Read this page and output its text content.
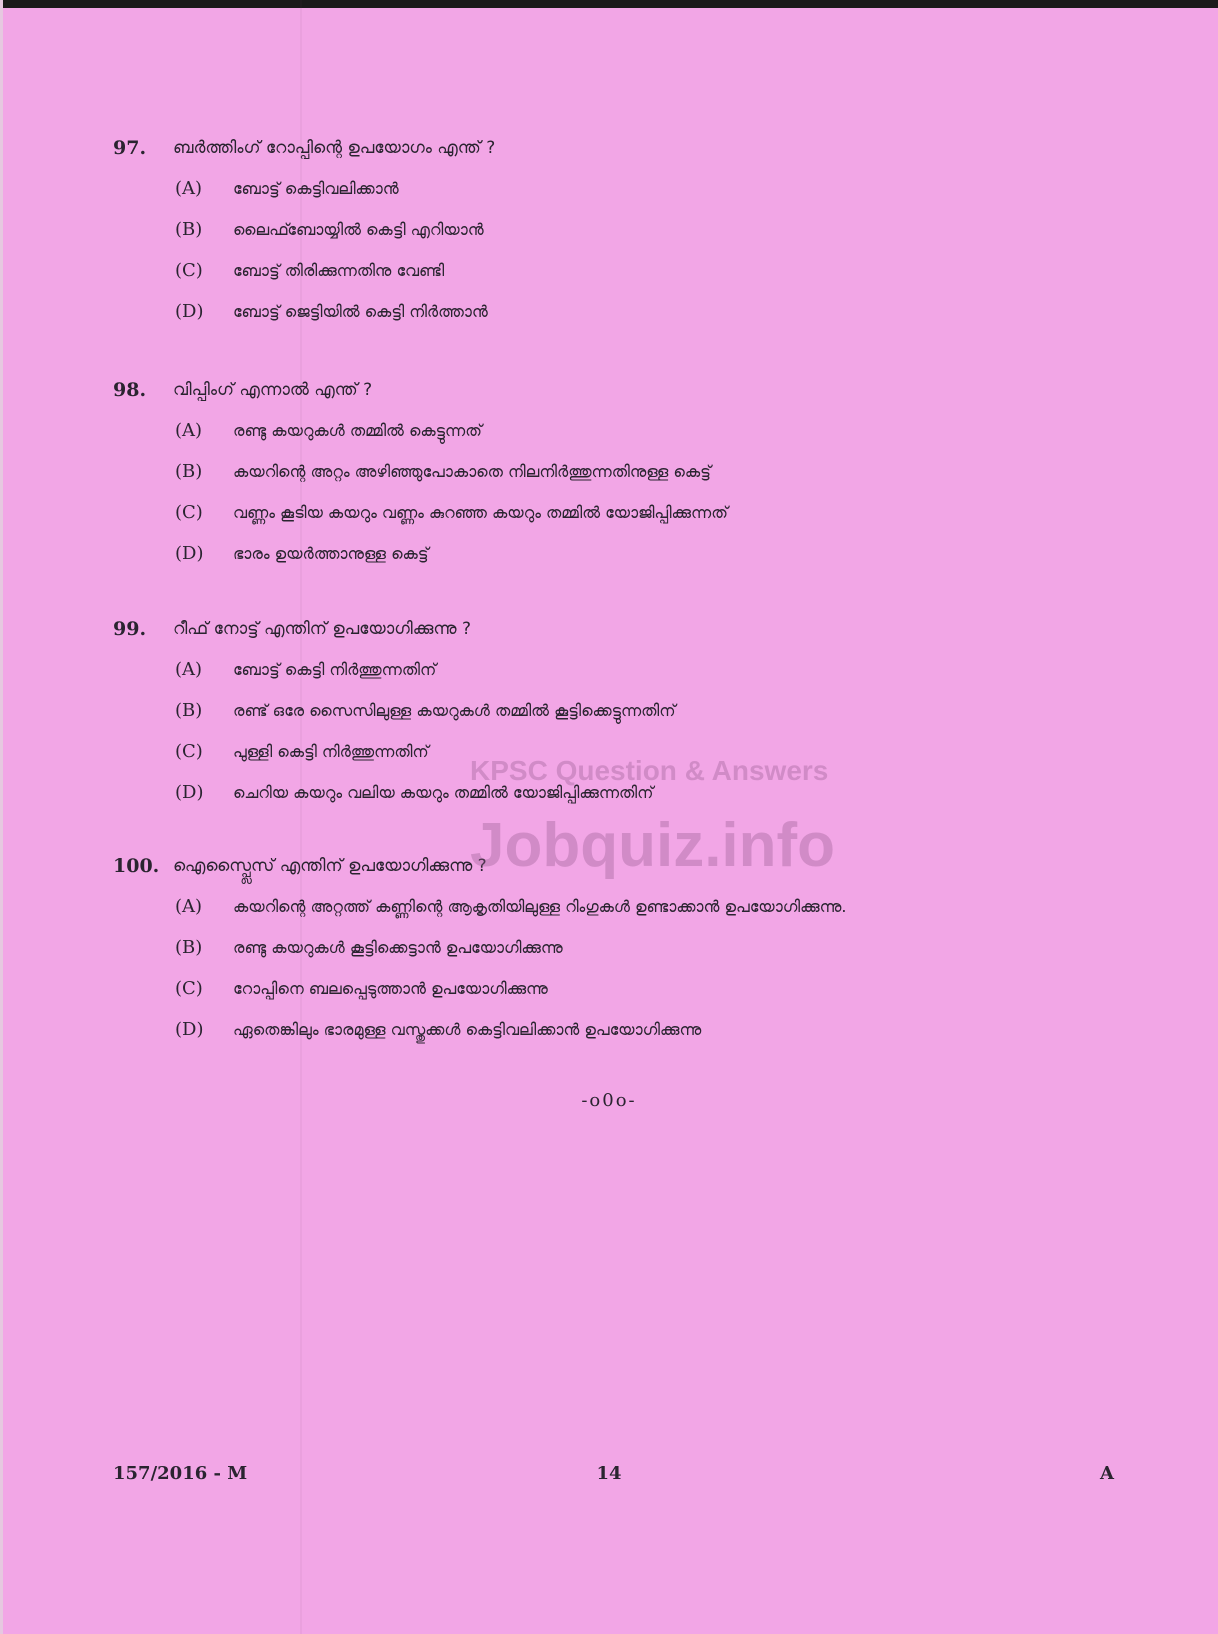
97. ബർത്തിംഗ് റോപ്പിന്റെ ഉപയോഗം എന്ത് ?
(A) ബോട്ട് കെട്ടിവലിക്കാൻ
(B) ലൈഫ്ബോയ്യിൽ കെട്ടി എറിയാൻ
(C) ബോട്ട് തിരിക്കുന്നതിനു വേണ്ടി
(D) ബോട്ട് ജെട്ടിയിൽ കെട്ടി നിർത്താൻ
98. വിപ്പിംഗ് എന്നാൽ എന്ത് ?
(A) രണ്ടു കയറുകൾ തമ്മിൽ കെട്ടുന്നത്
(B) കയറിന്റെ അറ്റം അഴിഞ്ഞുപോകാതെ നിലനിർത്തുന്നതിനുള്ള കെട്ട്
(C) വണ്ണം കൂടിയ കയറും വണ്ണം കുറഞ്ഞ കയറും തമ്മിൽ യോജിപ്പിക്കുന്നത്
(D) ഭാരം ഉയർത്താനുള്ള കെട്ട്
99. റീഫ് നോട്ട് എന്തിന് ഉപയോഗിക്കുന്നു ?
(A) ബോട്ട് കെട്ടി നിർത്തുന്നതിന്
(B) രണ്ട് ഒരേ സൈസിലുള്ള കയറുകൾ തമ്മിൽ കൂട്ടിക്കെട്ടുന്നതിന്
(C) പുള്ളി കെട്ടി നിർത്തുന്നതിന്
(D) ചെറിയ കയറും വലിയ കയറും തമ്മിൽ യോജിപ്പിക്കുന്നതിന്
100. ഐസ്പ്ലൈസ് എന്തിന് ഉപയോഗിക്കുന്നു ?
(A) കയറിന്റെ അറ്റത്ത് കണ്ണിന്റെ ആകൃതിയിലുള്ള റിംഗുകൾ ഉണ്ടാക്കാൻ ഉപയോഗിക്കുന്നു.
(B) രണ്ടു കയറുകൾ കൂട്ടിക്കെട്ടാൻ ഉപയോഗിക്കുന്നു
(C) റോപ്പിനെ ബലപ്പെടുത്താൻ ഉപയോഗിക്കുന്നു
(D) ഏതെങ്കിലും ഭാരമുള്ള വസ്തുക്കൾ കെട്ടിവലിക്കാൻ ഉപയോഗിക്കുന്നു
KPSC Question & Answers
Jobquiz.info
-o0o-
157/2016 - M	14	A
